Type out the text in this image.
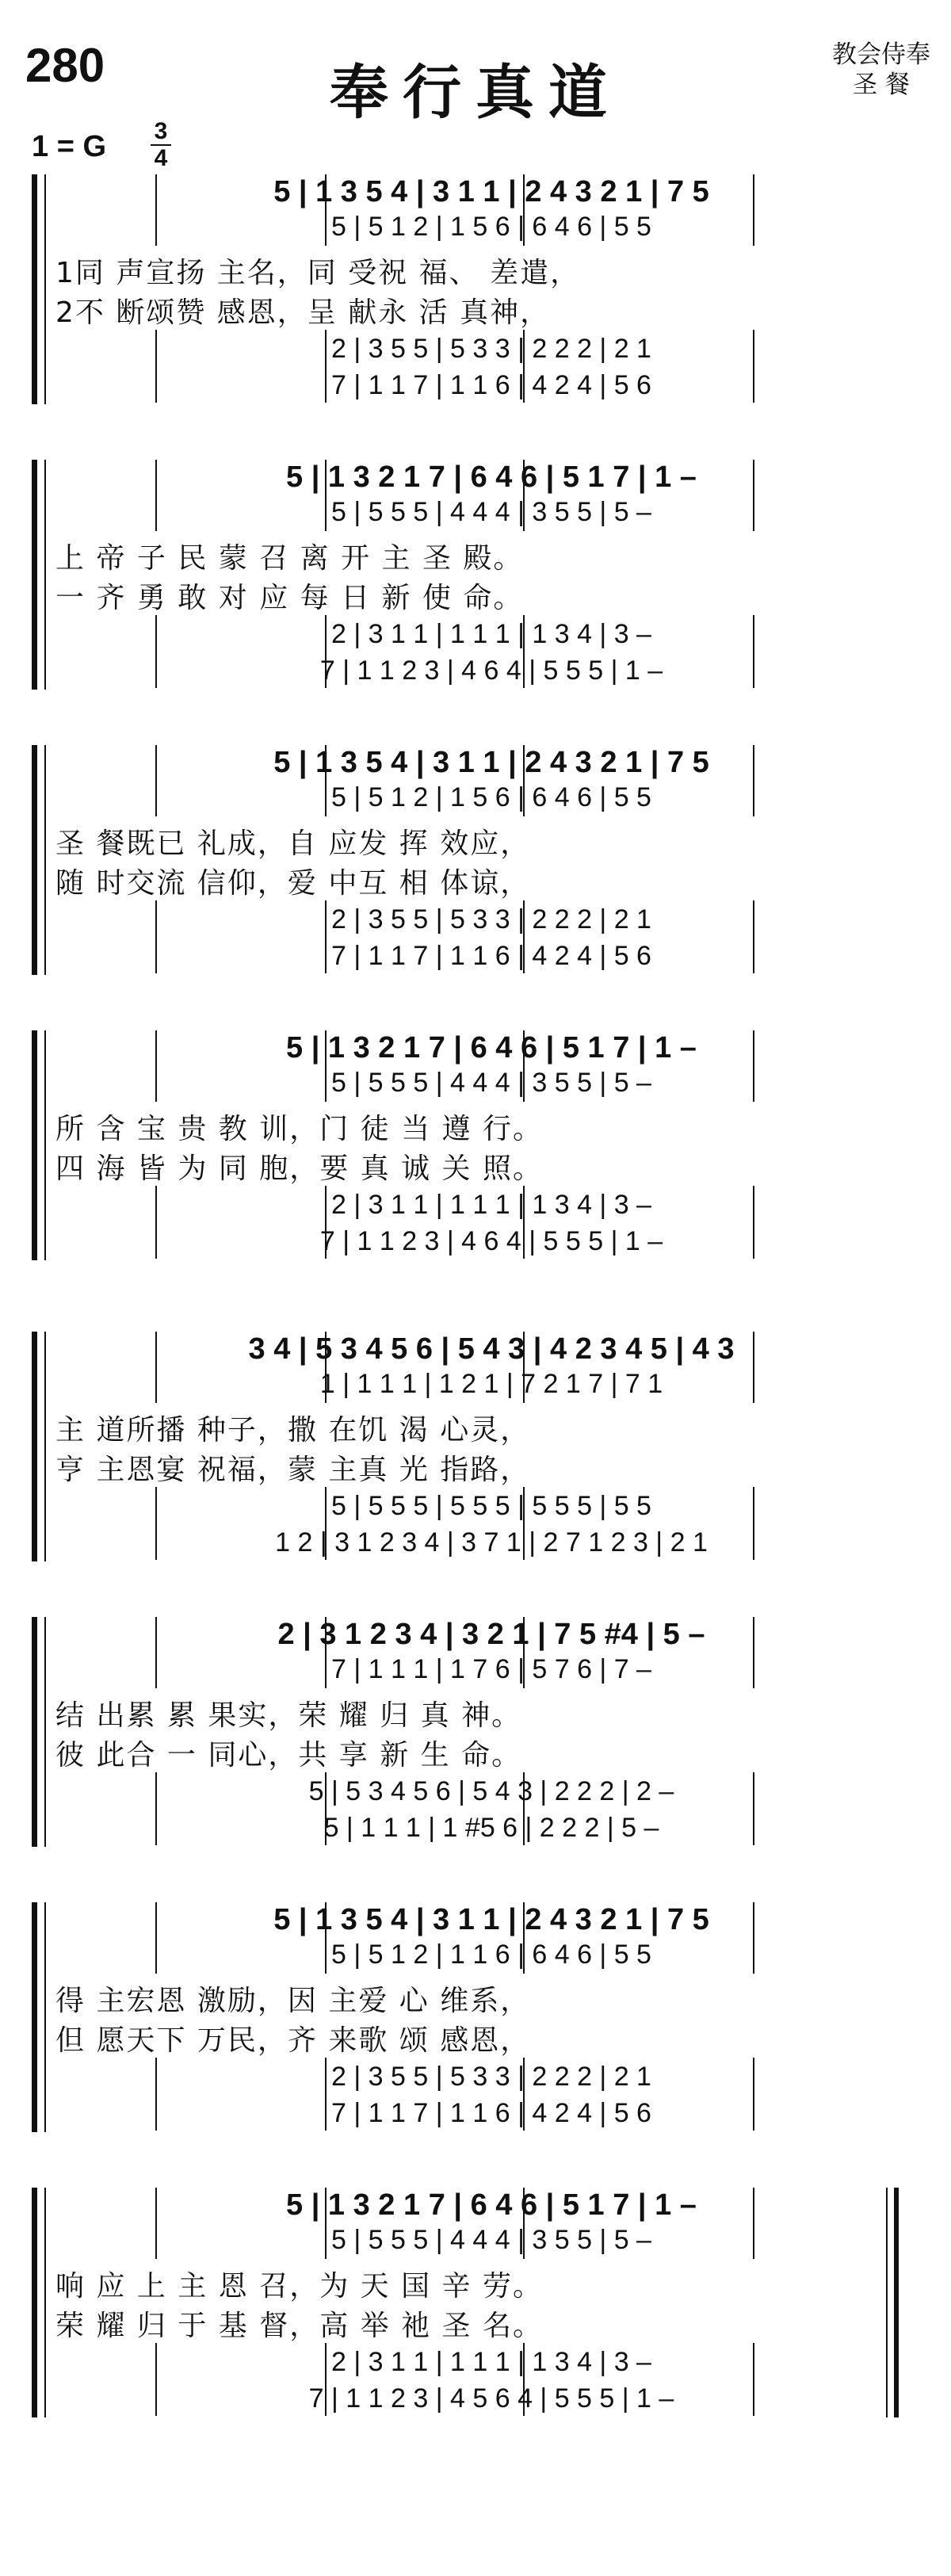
280	奉行真道
教会侍奉
圣 餐
1 = G 3
4
5 | 1 3 5 4 | 3 1 1 | 2 4 3 2 1 | 7 5
5 | 5 1 2 | 1 5 6 | 6 4 6 | 5 5
2 | 3 5 5 | 5 3 3 | 2 2 2 | 2 1
7 | 1 1 7 | 1 1 6 | 4 2 4 | 5 6
1同 声宣扬 主名，同 受祝 福、 差遣，
2不 断颂赞 感恩，呈 献永 活 真神，
5 | 1 3 2 1 7 | 6 4 6 | 5 1 7 | 1 –
5 | 5 5 5 | 4 4 4 | 3 5 5 | 5 –
2 | 3 1 1 | 1 1 1 | 1 3 4 | 3 –
7 | 1 1 2 3 | 4 6 4 | 5 5 5 | 1 –
上 帝 子 民 蒙 召 离 开 主 圣 殿。
一 齐 勇 敢 对 应 每 日 新 使 命。
5 | 1 3 5 4 | 3 1 1 | 2 4 3 2 1 | 7 5
5 | 5 1 2 | 1 5 6 | 6 4 6 | 5 5
2 | 3 5 5 | 5 3 3 | 2 2 2 | 2 1
7 | 1 1 7 | 1 1 6 | 4 2 4 | 5 6
圣 餐既已 礼成，自 应发 挥 效应，
随 时交流 信仰，爱 中互 相 体谅，
5 | 1 3 2 1 7 | 6 4 6 | 5 1 7 | 1 –
5 | 5 5 5 | 4 4 4 | 3 5 5 | 5 –
2 | 3 1 1 | 1 1 1 | 1 3 4 | 3 –
7 | 1 1 2 3 | 4 6 4 | 5 5 5 | 1 –
所 含 宝 贵 教 训，门 徒 当 遵 行。
四 海 皆 为 同 胞，要 真 诚 关 照。
3 4 | 5 3 4 5 6 | 5 4 3 | 4 2 3 4 5 | 4 3
1 | 1 1 1 | 1 2 1 | 7 2 1 7 | 7 1
5 | 5 5 5 | 5 5 5 | 5 5 5 | 5 5
1 2 | 3 1 2 3 4 | 3 7 1 | 2 7 1 2 3 | 2 1
主 道所播 种子，撒 在饥 渴 心灵，
亨 主恩宴 祝福，蒙 主真 光 指路，
2 | 3 1 2 3 4 | 3 2 1 | 7 5 #4 | 5 –
7 | 1 1 1 | 1 7 6 | 5 7 6 | 7 –
5 | 5 3 4 5 6 | 5 4 3 | 2 2 2 | 2 –
5 | 1 1 1 | 1 #5 6 | 2 2 2 | 5 –
结 出累 累 果实，荣 耀 归 真 神。
彼 此合 一 同心，共 享 新 生 命。
5 | 1 3 5 4 | 3 1 1 | 2 4 3 2 1 | 7 5
5 | 5 1 2 | 1 1 6 | 6 4 6 | 5 5
2 | 3 5 5 | 5 3 3 | 2 2 2 | 2 1
7 | 1 1 7 | 1 1 6 | 4 2 4 | 5 6
得 主宏恩 激励，因 主爱 心 维系，
但 愿天下 万民，齐 来歌 颂 感恩，
5 | 1 3 2 1 7 | 6 4 6 | 5 1 7 | 1 –
5 | 5 5 5 | 4 4 4 | 3 5 5 | 5 –
2 | 3 1 1 | 1 1 1 | 1 3 4 | 3 –
7 | 1 1 2 3 | 4 5 6 4 | 5 5 5 | 1 –
响 应 上 主 恩 召，为 天 国 辛 劳。
荣 耀 归 于 基 督，高 举 祂 圣 名。
